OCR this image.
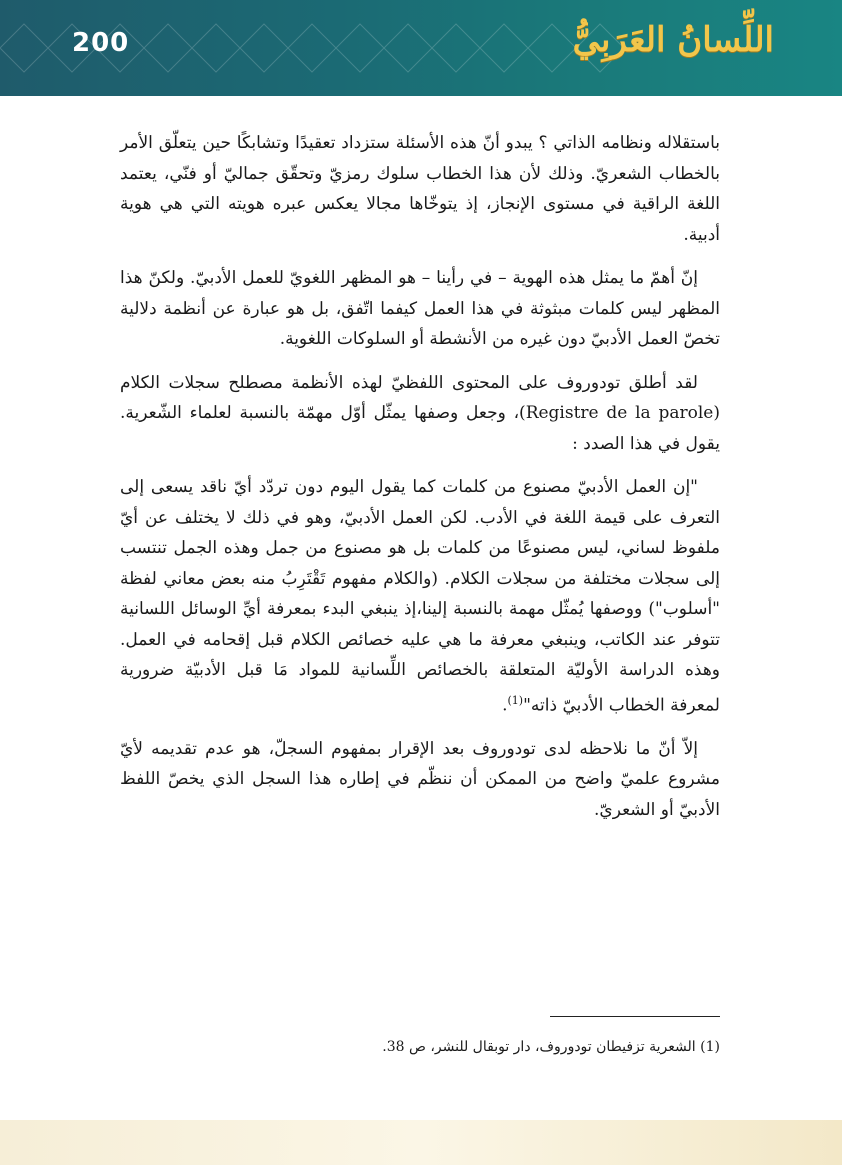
200	اللِّسانُ العَرَبِيُّ

باستقلاله ونظامه الذاتي ؟ يبدو أنّ هذه الأسئلة ستزداد تعقيدًا وتشابكًا حين يتعلّق الأمر بالخطاب الشعريّ. وذلك لأن هذا الخطاب سلوك رمزيّ وتحقّق جماليّ أو فنّي، يعتمد اللغة الراقية في مستوى الإنجاز، إذ يتوخّاها مجالا يعكس عبره هويته التي هي هوية أدبية.

إنّ أهمّ ما يمثل هذه الهوية – في رأينا – هو المظهر اللغويّ للعمل الأدبيّ. ولكنّ هذا المظهر ليس كلمات مبثوثة في هذا العمل كيفما اتّفق، بل هو عبارة عن أنظمة دلالية تخصّ العمل الأدبيّ دون غيره من الأنشطة أو السلوكات اللغوية.

لقد أطلق تودوروف على المحتوى اللفظيّ لهذه الأنظمة مصطلح سجلات الكلام (Registre de la parole)، وجعل وصفها يمثّل أوّل مهمّة بالنسبة لعلماء الشّعرية. يقول في هذا الصدد :

"إن العمل الأدبيّ مصنوع من كلمات كما يقول اليوم دون تردّد أيّ ناقد يسعى إلى التعرف على قيمة اللغة في الأدب. لكن العمل الأدبيّ، وهو في ذلك لا يختلف عن أيّ ملفوظ لساني، ليس مصنوعًا من كلمات بل هو مصنوع من جمل وهذه الجمل تنتسب إلى سجلات مختلفة من سجلات الكلام. (والكلام مفهوم تَقْتَرِبُ منه بعض معاني لفظة "أسلوب") ووصفها يُمثّل مهمة بالنسبة إلينا،إذ ينبغي البدء بمعرفة أيِّ الوسائل اللسانية تتوفر عند الكاتب، وينبغي معرفة ما هي عليه خصائص الكلام قبل إقحامه في العمل. وهذه الدراسة الأوليّة المتعلقة بالخصائص اللِّسانية للمواد مَا قبل الأدبيّة ضرورية لمعرفة الخطاب الأدبيّ ذاته"$^{(1)}$.

إلاّ أنّ ما نلاحظه لدى تودوروف بعد الإقرار بمفهوم السجلّ، هو عدم تقديمه لأيّ مشروع علميّ واضح من الممكن أن ننظّم في إطاره هذا السجل الذي يخصّ اللفظ الأدبيّ أو الشعريّ.

(1) الشعرية تزفيطان تودوروف، دار توبقال للنشر، ص 38.
